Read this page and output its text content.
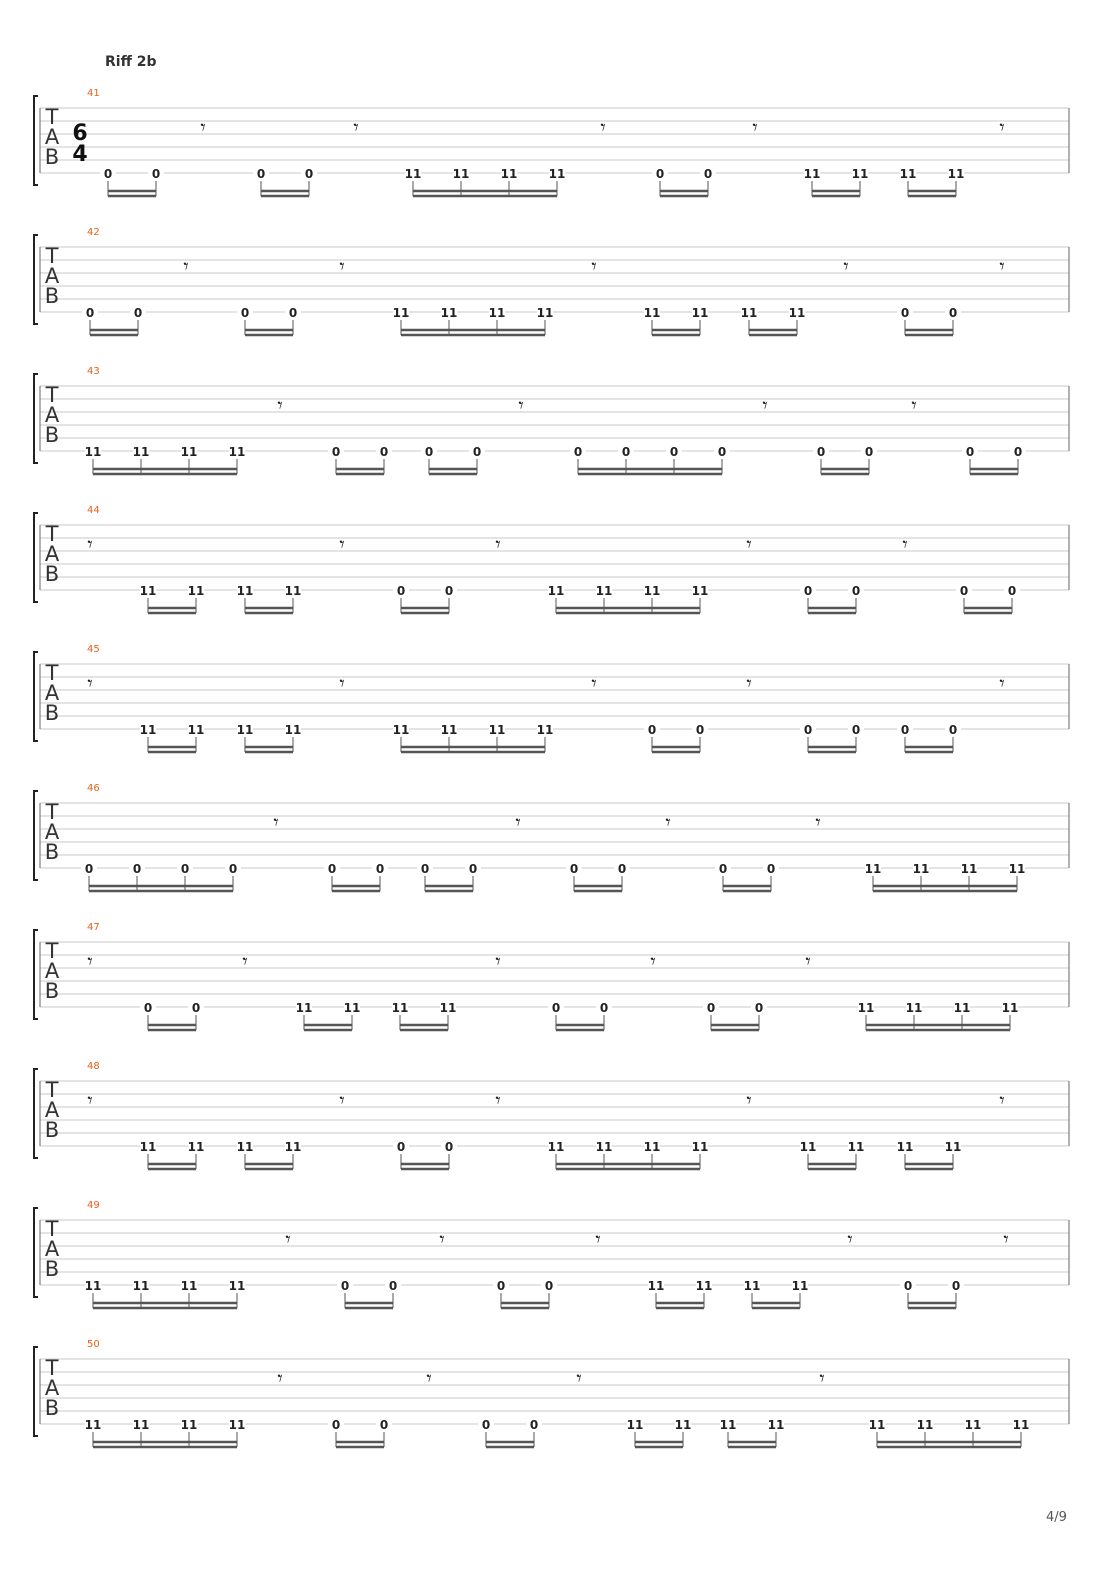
Riff 2b
41
T
A
B
6
4
𝄾	𝄾	𝄾	𝄾	𝄾
0	0	0	0	11	11	11	11	0	0	11	11	11	11
42
T
A
B
𝄾	𝄾	𝄾	𝄾	𝄾
0	0	0	0	11	11	11	11	11	11	11	11	0	0
43
T
A
B
𝄾	𝄾	𝄾	𝄾
11	11	11	11	0	0	0	0	0	0	0	0	0	0	0	0
44
T
A
B
𝄾	𝄾	𝄾	𝄾	𝄾
11	11	11	11	0	0	11	11	11	11	0	0	0	0
45
T
A
B
𝄾	𝄾	𝄾	𝄾	𝄾
11	11	11	11	11	11	11	11	0	0	0	0	0	0
46
T
A
B
𝄾	𝄾	𝄾	𝄾
0	0	0	0	0	0	0	0	0	0	0	0	11	11	11	11
47
T
A
B
𝄾	𝄾	𝄾	𝄾	𝄾
0	0	11	11	11	11	0	0	0	0	11	11	11	11
48
T
A
B
𝄾	𝄾	𝄾	𝄾	𝄾
11	11	11	11	0	0	11	11	11	11	11	11	11	11
49
T
A
B
𝄾	𝄾	𝄾	𝄾	𝄾
11	11	11	11	0	0	0	0	11	11	11	11	0	0
50
T
A
B
𝄾	𝄾	𝄾	𝄾
11	11	11	11	0	0	0	0	11	11 11	11	11	11	11	11
4/9
